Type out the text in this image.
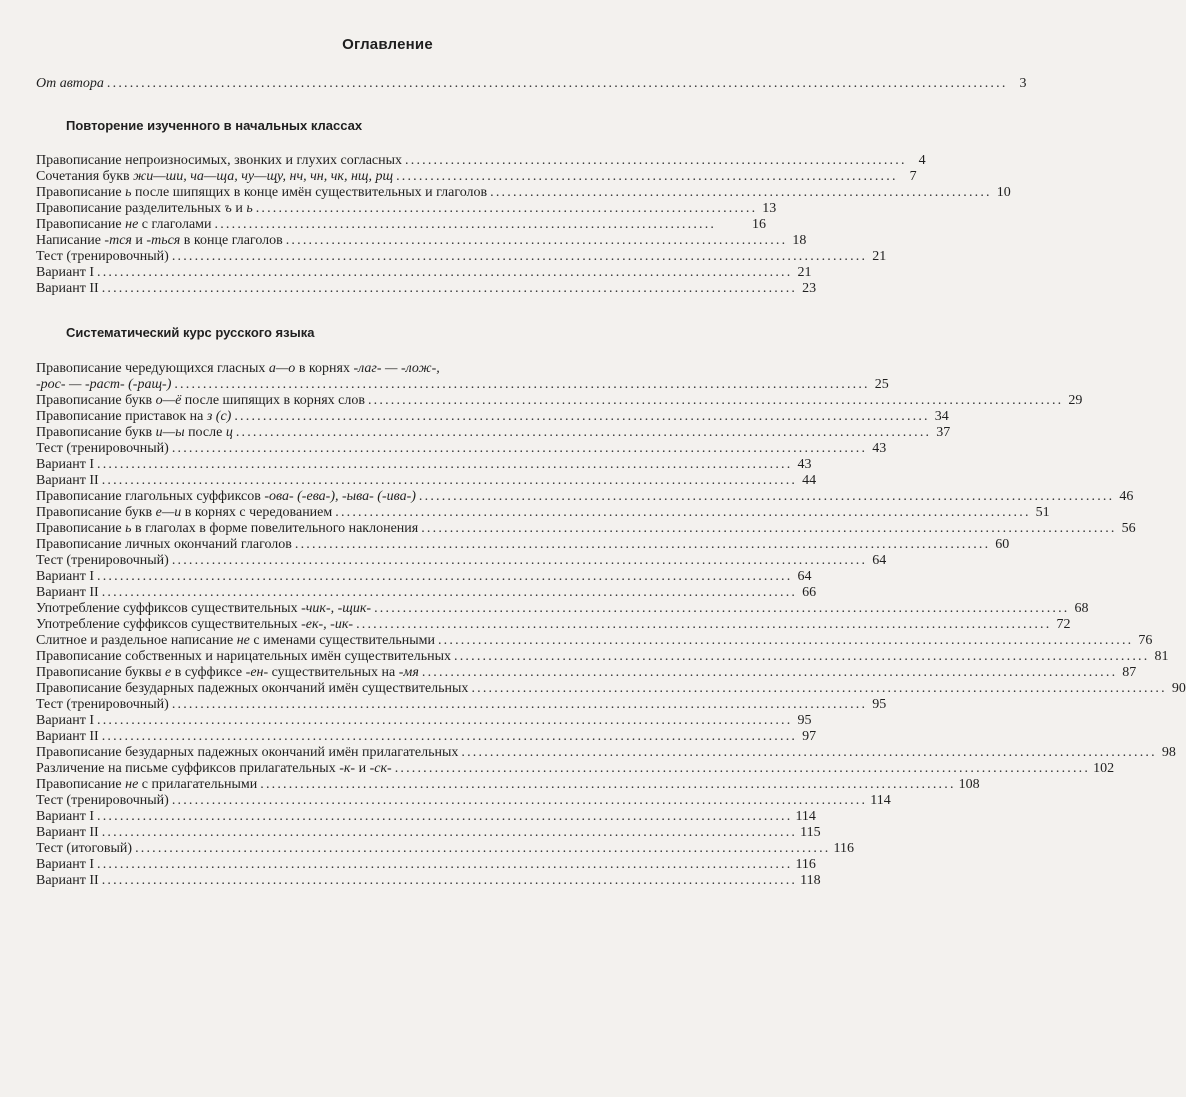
Оглавление
От автора .............................................................................................................................................................. 3
Повторение изученного в начальных классах
Правописание непроизносимых, звонких и глухих согласных ........................................................................................ 4
Сочетания букв жи—ши, ча—ща, чу—щу, нч, чн, чк, нщ, рщ ........................................................................................ 7
Правописание ь после шипящих в конце имён существительных и глаголов ........................................................................................ 10
Правописание разделительных ъ и ь ........................................................................................ 13
Правописание не с глаголами ........................................................................................	16
Написание -тся и -ться в конце глаголов ........................................................................................ 18
Тест (тренировочный) .......................................................................................................................... 21
Вариант I .......................................................................................................................... 21
Вариант II .......................................................................................................................... 23
Систематический курс русского языка
Правописание чередующихся гласных а—о в корнях -лаг- — -лож-,
-рос- — -раст- (-ращ-) .......................................................................................................................... 25
Правописание букв о—ё после шипящих в корнях слов .......................................................................................................................... 29
Правописание приставок на з (с) .......................................................................................................................... 34
Правописание букв и—ы после ц .......................................................................................................................... 37
Тест (тренировочный) .......................................................................................................................... 43
Вариант I .......................................................................................................................... 43
Вариант II .......................................................................................................................... 44
Правописание глагольных суффиксов -ова- (-ева-), -ыва- (-ива-) .......................................................................................................................... 46
Правописание букв е—и в корнях с чередованием .......................................................................................................................... 51
Правописание ь в глаголах в форме повелительного наклонения .......................................................................................................................... 56
Правописание личных окончаний глаголов .......................................................................................................................... 60
Тест (тренировочный) .......................................................................................................................... 64
Вариант I .......................................................................................................................... 64
Вариант II .......................................................................................................................... 66
Употребление суффиксов существительных -чик-, -щик- .......................................................................................................................... 68
Употребление суффиксов существительных -ек-, -ик- .......................................................................................................................... 72
Слитное и раздельное написание не с именами существительными .......................................................................................................................... 76
Правописание собственных и нарицательных имён существительных .......................................................................................................................... 81
Правописание буквы е в суффиксе -ен- существительных на -мя .......................................................................................................................... 87
Правописание безударных падежных окончаний имён существительных .......................................................................................................................... 90
Тест (тренировочный) .......................................................................................................................... 95
Вариант I .......................................................................................................................... 95
Вариант II .......................................................................................................................... 97
Правописание безударных падежных окончаний имён прилагательных .......................................................................................................................... 98
Различение на письме суффиксов прилагательных -к- и -ск- .......................................................................................................................... 102
Правописание не с прилагательными .......................................................................................................................... 108
Тест (тренировочный) .......................................................................................................................... 114
Вариант I .......................................................................................................................... 114
Вариант II .......................................................................................................................... 115
Тест (итоговый) .......................................................................................................................... 116
Вариант I .......................................................................................................................... 116
Вариант II .......................................................................................................................... 118
